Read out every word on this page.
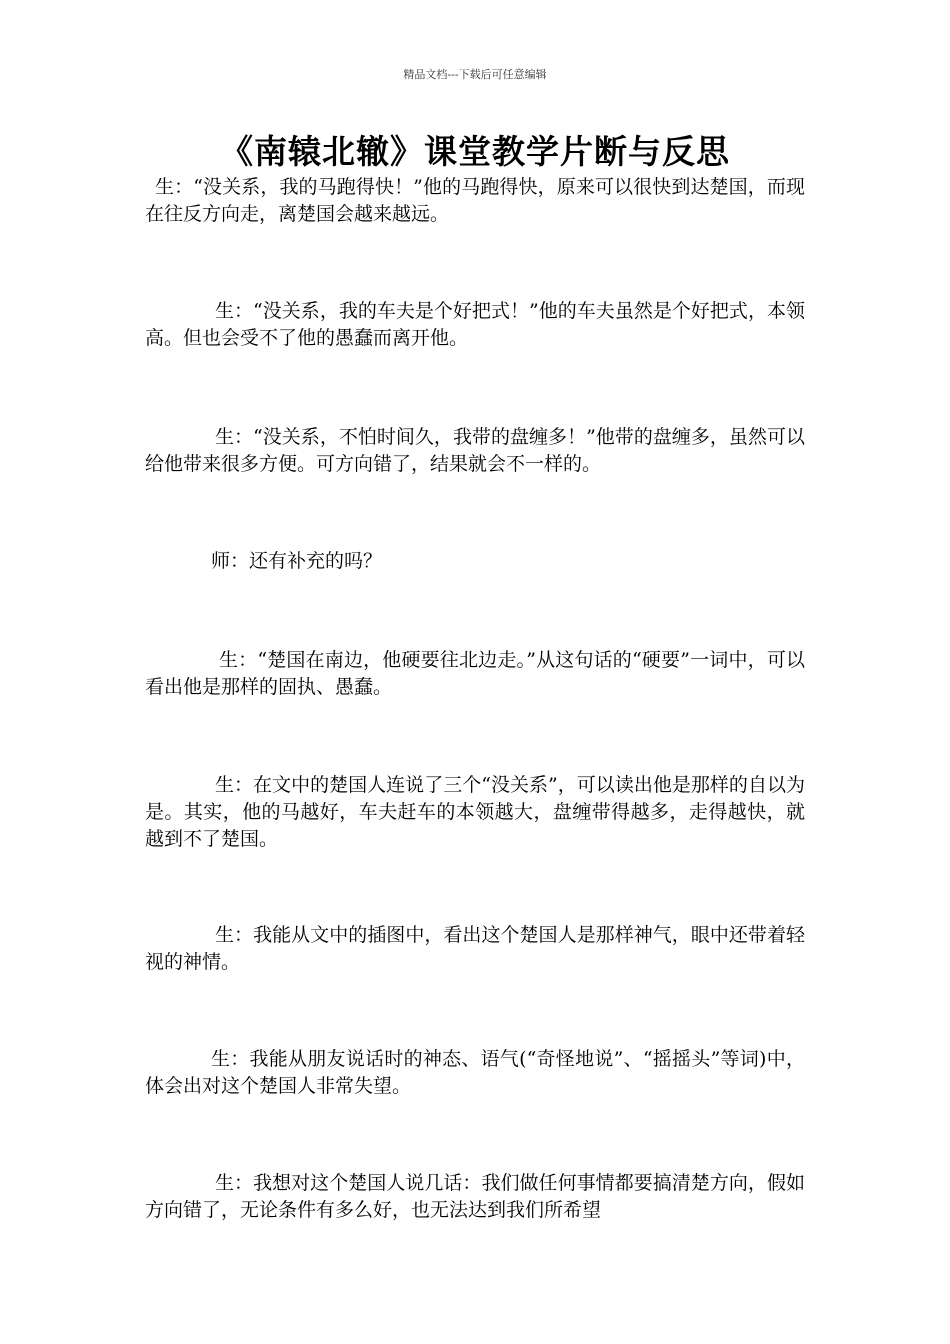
精品文档---下载后可任意编辑
《南辕北辙》课堂教学片断与反思

生：“没关系，我的马跑得快！”他的马跑得快，原来可以很快到达楚国，而现在往反方向走，离楚国会越来越远。

生：“没关系，我的车夫是个好把式！”他的车夫虽然是个好把式，本领高。但也会受不了他的愚蠢而离开他。

生：“没关系，不怕时间久，我带的盘缠多！”他带的盘缠多，虽然可以给他带来很多方便。可方向错了，结果就会不一样的。

师：还有补充的吗？

生：“楚国在南边，他硬要往北边走。”从这句话的“硬要”一词中，可以看出他是那样的固执、愚蠢。

生：在文中的楚国人连说了三个“没关系”，可以读出他是那样的自以为是。其实，他的马越好，车夫赶车的本领越大，盘缠带得越多，走得越快，就越到不了楚国。

生：我能从文中的插图中，看出这个楚国人是那样神气，眼中还带着轻视的神情。

生：我能从朋友说话时的神态、语气(“奇怪地说”、“摇摇头”等词)中，体会出对这个楚国人非常失望。

生：我想对这个楚国人说几话：我们做任何事情都要搞清楚方向，假如方向错了，无论条件有多么好，也无法达到我们所希望
